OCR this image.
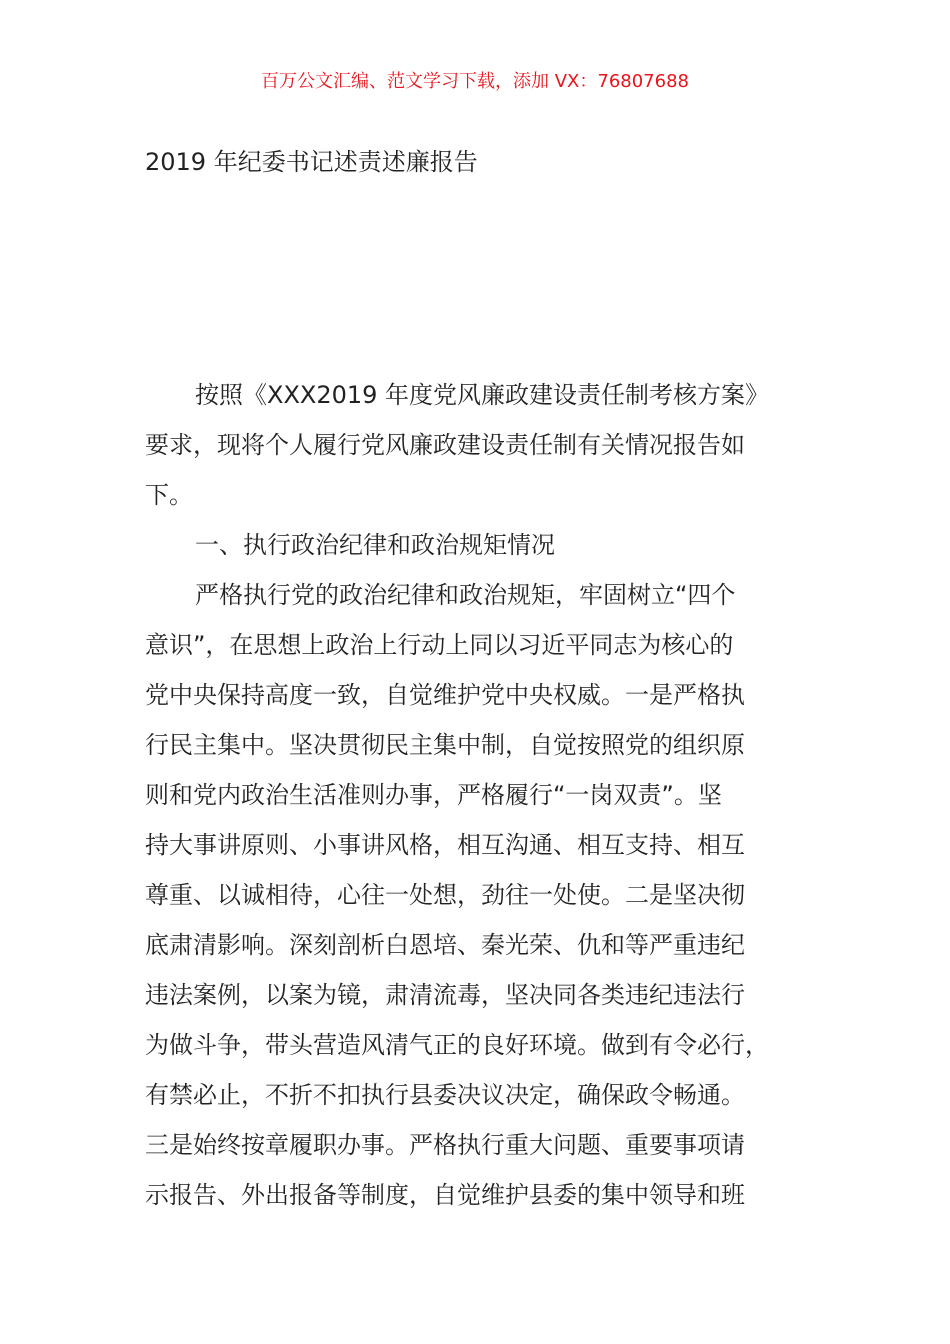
百万公文汇编、范文学习下载，添加 VX：76807688
2019 年纪委书记述责述廉报告
按照《XXX2019 年度党风廉政建设责任制考核方案》
要求，现将个人履行党风廉政建设责任制有关情况报告如
下。
一、执行政治纪律和政治规矩情况
严格执行党的政治纪律和政治规矩，牢固树立“四个
意识”，在思想上政治上行动上同以习近平同志为核心的
党中央保持高度一致，自觉维护党中央权威。一是严格执
行民主集中。坚决贯彻民主集中制，自觉按照党的组织原
则和党内政治生活准则办事，严格履行“一岗双责”。坚
持大事讲原则、小事讲风格，相互沟通、相互支持、相互
尊重、以诚相待，心往一处想，劲往一处使。二是坚决彻
底肃清影响。深刻剖析白恩培、秦光荣、仇和等严重违纪
违法案例，以案为镜，肃清流毒，坚决同各类违纪违法行
为做斗争，带头营造风清气正的良好环境。做到有令必行，
有禁必止，不折不扣执行县委决议决定，确保政令畅通。
三是始终按章履职办事。严格执行重大问题、重要事项请
示报告、外出报备等制度，自觉维护县委的集中领导和班
